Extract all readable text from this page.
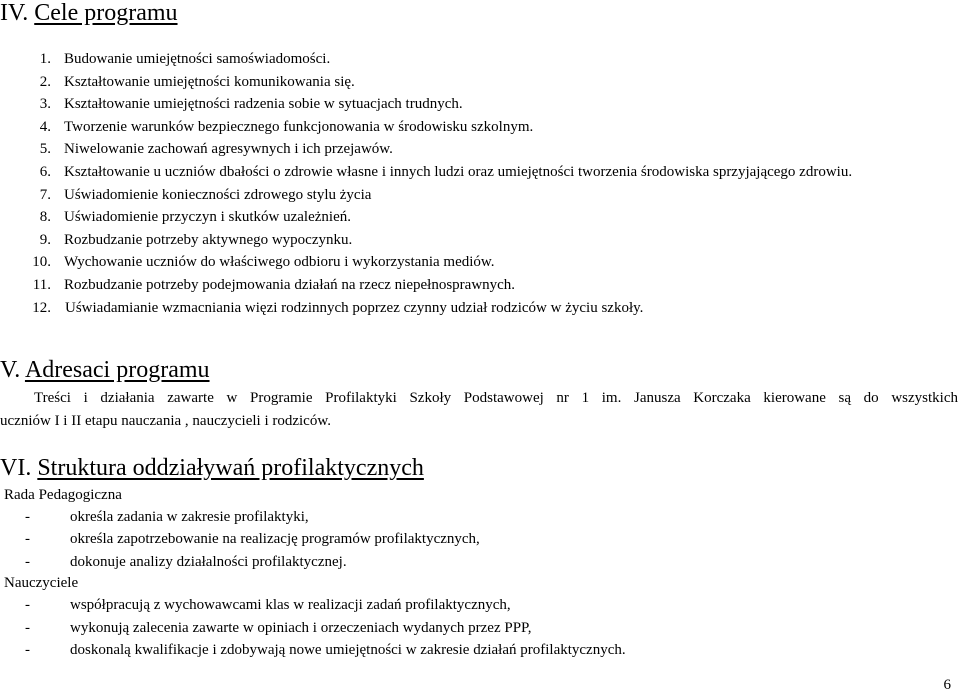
IV. Cele programu
1. Budowanie umiejętności samoświadomości.
2. Kształtowanie umiejętności komunikowania się.
3. Kształtowanie umiejętności radzenia sobie w sytuacjach trudnych.
4. Tworzenie warunków bezpiecznego funkcjonowania w środowisku szkolnym.
5. Niwelowanie zachowań agresywnych i ich przejawów.
6. Kształtowanie u uczniów dbałości o zdrowie własne i innych ludzi oraz umiejętności tworzenia środowiska sprzyjającego zdrowiu.
7. Uświadomienie konieczności zdrowego stylu życia
8. Uświadomienie przyczyn i skutków uzależnień.
9. Rozbudzanie potrzeby aktywnego wypoczynku.
10. Wychowanie uczniów do właściwego odbioru i wykorzystania mediów.
11. Rozbudzanie potrzeby podejmowania działań na rzecz niepełnosprawnych.
12. Uświadamianie wzmacniania więzi rodzinnych poprzez czynny udział rodziców w życiu szkoły.
V. Adresaci programu
Treści i działania zawarte w Programie Profilaktyki Szkoły Podstawowej nr 1 im. Janusza Korczaka kierowane są do wszystkich
uczniów I i II etapu nauczania , nauczycieli i rodziców.
VI. Struktura oddziaływań profilaktycznych
Rada Pedagogiczna
-	określa zadania w zakresie profilaktyki,
-	określa zapotrzebowanie na realizację programów profilaktycznych,
-	dokonuje analizy działalności profilaktycznej.
Nauczyciele
-	współpracują z wychowawcami klas w realizacji zadań profilaktycznych,
-	wykonują zalecenia zawarte w opiniach i orzeczeniach wydanych przez PPP,
-	doskonalą kwalifikacje i zdobywają nowe umiejętności w zakresie działań profilaktycznych.
6
